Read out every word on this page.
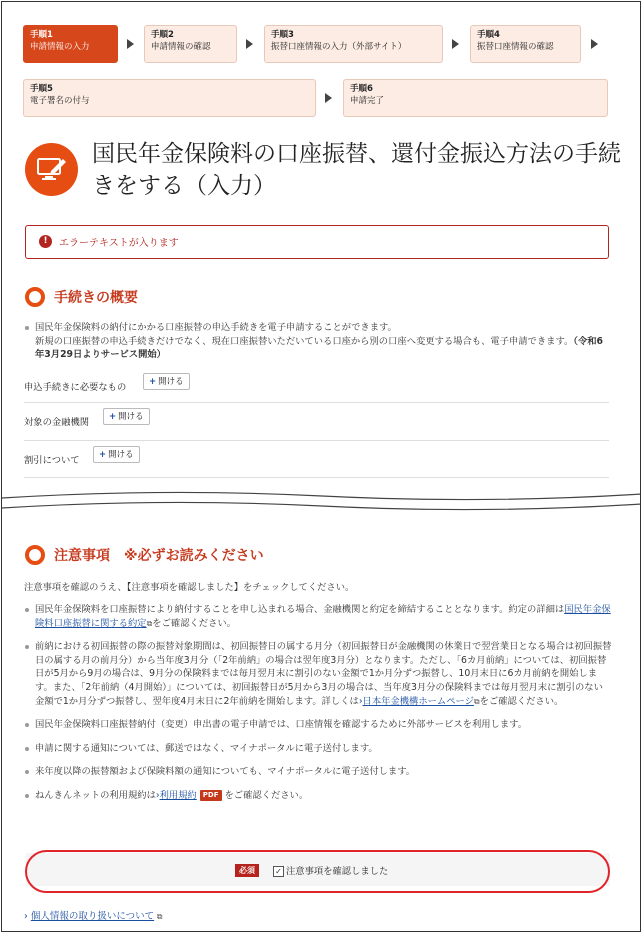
手順1
申請情報の入力
手順2
申請情報の確認
手順3
振替口座情報の入力（外部サイト）
手順4
振替口座情報の確認
手順5
電子署名の付与
手順6
申請完了
国民年金保険料の口座振替、還付金振込方法の手続きをする（入力）
!	エラーテキストが入ります
手続きの概要
国民年金保険料の納付にかかる口座振替の申込手続きを電子申請することができます。
新規の口座振替の申込手続きだけでなく、現在口座振替いただいている口座から別の口座へ変更する場合も、電子申請できます。（令和6年3月29日よりサービス開始）
申込手続きに必要なもの	+ 開ける
対象の金融機関	+ 開ける
割引について	+ 開ける
注意事項 ※必ずお読みください
注意事項を確認のうえ、【注意事項を確認しました】をチェックしてください。
国民年金保険料を口座振替により納付することを申し込まれる場合、金融機関と約定を締結することとなります。約定の詳細は国民年金保険料口座振替に関する約定⧉をご確認ください。
前納における初回振替の際の振替対象期間は、初回振替日の属する月分（初回振替日が金融機関の休業日で翌営業日となる場合は初回振替日の属する月の前月分）から当年度3月分（「2年前納」の場合は翌年度3月分）となります。ただし、「6カ月前納」については、初回振替日が5月から9月の場合は、9月分の保険料までは毎月翌月末に割引のない金額で1か月分ずつ振替し、10月末日に6カ月前納を開始します。また、「2年前納（4月開始）」については、初回振替日が5月から3月の場合は、当年度3月分の保険料までは毎月翌月末に割引のない金額で1か月分ずつ振替し、翌年度4月末日に2年前納を開始します。詳しくは›日本年金機構ホームページ⧉をご確認ください。
国民年金保険料口座振替納付（変更）申出書の電子申請では、口座情報を確認するために外部サービスを利用します。
申請に関する通知については、郵送ではなく、マイナポータルに電子送付します。
来年度以降の振替額および保険料額の通知についても、マイナポータルに電子送付します。
ねんきんネットの利用規約は›利用規約 PDF をご確認ください。
必須	✓ 注意事項を確認しました
› 個人情報の取り扱いについて ⧉
